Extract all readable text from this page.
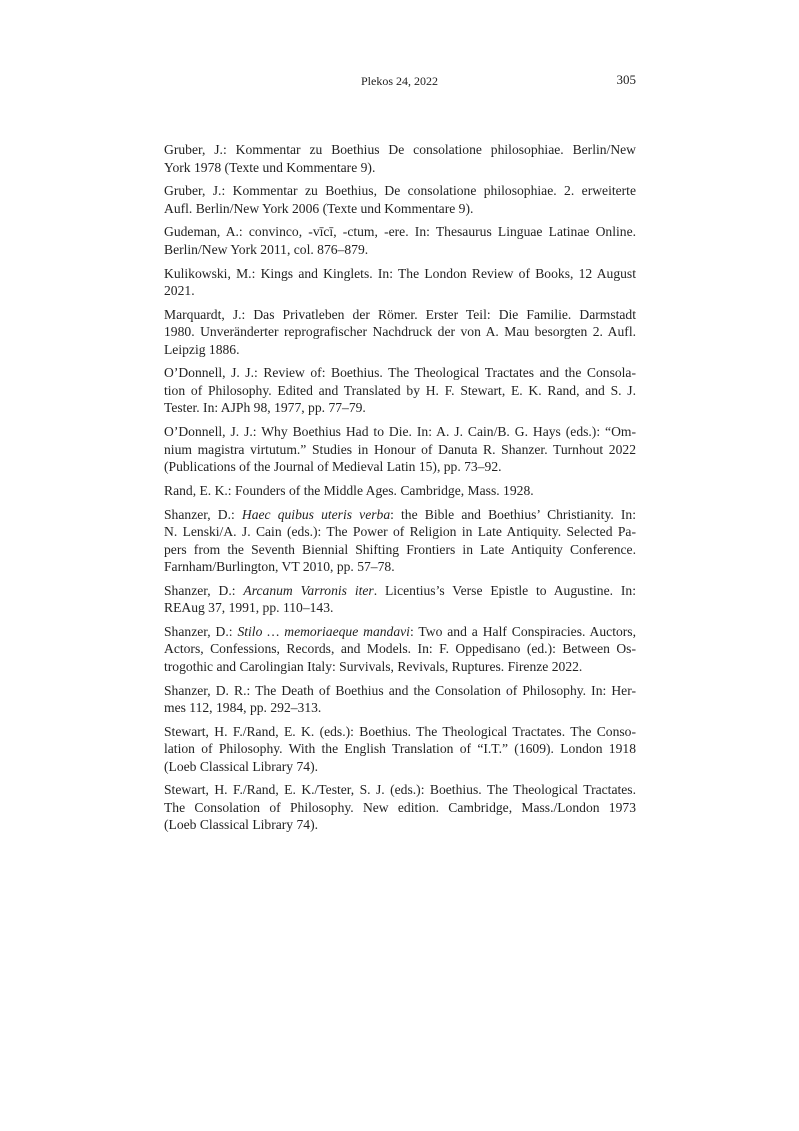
Plekos 24, 2022	305
Gruber, J.: Kommentar zu Boethius De consolatione philosophiae. Berlin/New
York 1978 (Texte und Kommentare 9).
Gruber, J.: Kommentar zu Boethius, De consolatione philosophiae. 2. erweiterte
Aufl. Berlin/New York 2006 (Texte und Kommentare 9).
Gudeman, A.: convinco, -vīcī, -ctum, -ere. In: Thesaurus Linguae Latinae Online.
Berlin/New York 2011, col. 876–879.
Kulikowski, M.: Kings and Kinglets. In: The London Review of Books, 12 August
2021.
Marquardt, J.: Das Privatleben der Römer. Erster Teil: Die Familie. Darmstadt
1980. Unveränderter reprografischer Nachdruck der von A. Mau besorgten 2. Aufl.
Leipzig 1886.
O’Donnell, J. J.: Review of: Boethius. The Theological Tractates and the Consola-
tion of Philosophy. Edited and Translated by H. F. Stewart, E. K. Rand, and S. J.
Tester. In: AJPh 98, 1977, pp. 77–79.
O’Donnell, J. J.: Why Boethius Had to Die. In: A. J. Cain/B. G. Hays (eds.): “Om-
nium magistra virtutum.” Studies in Honour of Danuta R. Shanzer. Turnhout 2022
(Publications of the Journal of Medieval Latin 15), pp. 73–92.
Rand, E. K.: Founders of the Middle Ages. Cambridge, Mass. 1928.
Shanzer, D.: Haec quibus uteris verba: the Bible and Boethius’ Christianity. In:
N. Lenski/A. J. Cain (eds.): The Power of Religion in Late Antiquity. Selected Pa-
pers from the Seventh Biennial Shifting Frontiers in Late Antiquity Conference.
Farnham/Burlington, VT 2010, pp. 57–78.
Shanzer, D.: Arcanum Varronis iter. Licentius’s Verse Epistle to Augustine. In:
REAug 37, 1991, pp. 110–143.
Shanzer, D.: Stilo … memoriaeque mandavi: Two and a Half Conspiracies. Auctors,
Actors, Confessions, Records, and Models. In: F. Oppedisano (ed.): Between Os-
trogothic and Carolingian Italy: Survivals, Revivals, Ruptures. Firenze 2022.
Shanzer, D. R.: The Death of Boethius and the Consolation of Philosophy. In: Her-
mes 112, 1984, pp. 292–313.
Stewart, H. F./Rand, E. K. (eds.): Boethius. The Theological Tractates. The Conso-
lation of Philosophy. With the English Translation of “I.T.” (1609). London 1918
(Loeb Classical Library 74).
Stewart, H. F./Rand, E. K./Tester, S. J. (eds.): Boethius. The Theological Tractates.
The Consolation of Philosophy. New edition. Cambridge, Mass./London 1973
(Loeb Classical Library 74).
